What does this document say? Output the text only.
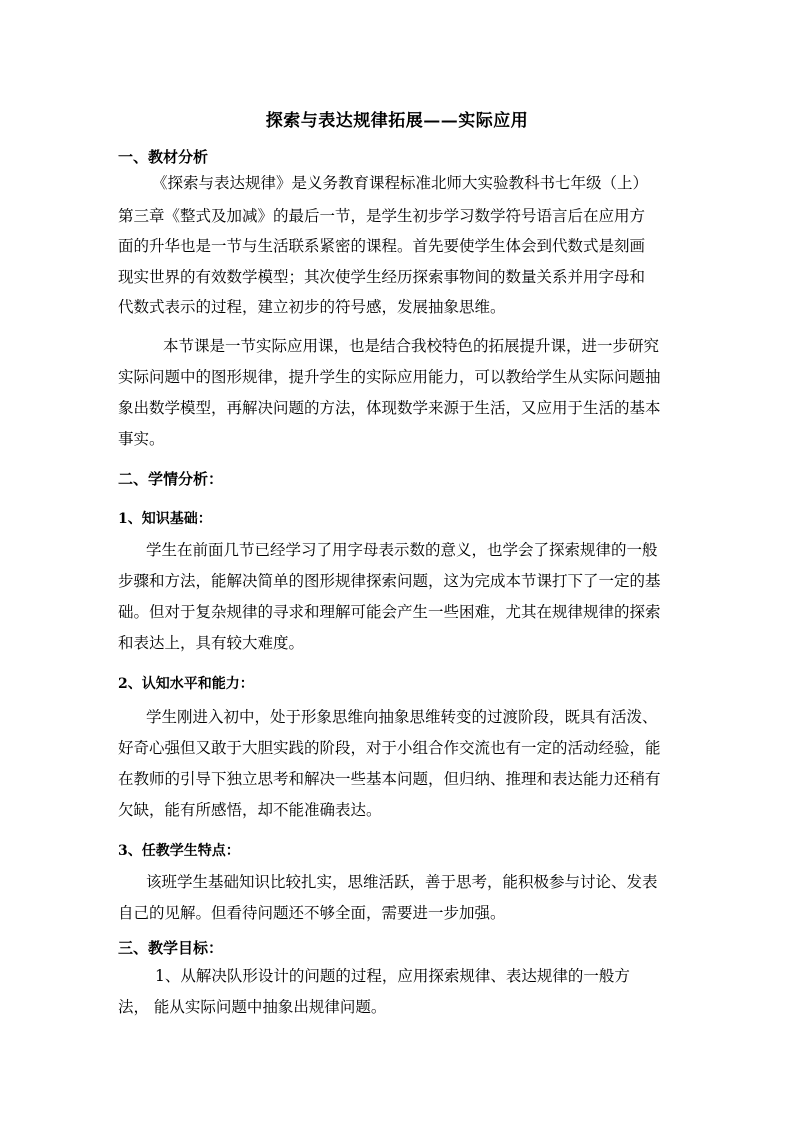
探索与表达规律拓展——实际应用
一、教材分析
《探索与表达规律》是义务教育课程标准北师大实验教科书七年级（上）
第三章《整式及加减》的最后一节，是学生初步学习数学符号语言后在应用方
面的升华也是一节与生活联系紧密的课程。首先要使学生体会到代数式是刻画
现实世界的有效数学模型；其次使学生经历探索事物间的数量关系并用字母和
代数式表示的过程，建立初步的符号感，发展抽象思维。
本节课是一节实际应用课，也是结合我校特色的拓展提升课，进一步研究
实际问题中的图形规律，提升学生的实际应用能力，可以教给学生从实际问题抽
象出数学模型，再解决问题的方法，体现数学来源于生活，又应用于生活的基本
事实。
二、学情分析：
1、知识基础：
学生在前面几节已经学习了用字母表示数的意义，也学会了探索规律的一般
步骤和方法，能解决简单的图形规律探索问题，这为完成本节课打下了一定的基
础。但对于复杂规律的寻求和理解可能会产生一些困难，尤其在规律规律的探索
和表达上，具有较大难度。
2、认知水平和能力：
学生刚进入初中，处于形象思维向抽象思维转变的过渡阶段，既具有活泼、
好奇心强但又敢于大胆实践的阶段，对于小组合作交流也有一定的活动经验，能
在教师的引导下独立思考和解决一些基本问题，但归纳、推理和表达能力还稍有
欠缺，能有所感悟，却不能准确表达。
3、任教学生特点：
该班学生基础知识比较扎实，思维活跃，善于思考，能积极参与讨论、发表
自己的见解。但看待问题还不够全面，需要进一步加强。
三、教学目标：
1、从解决队形设计的问题的过程，应用探索规律、表达规律的一般方
法， 能从实际问题中抽象出规律问题。
